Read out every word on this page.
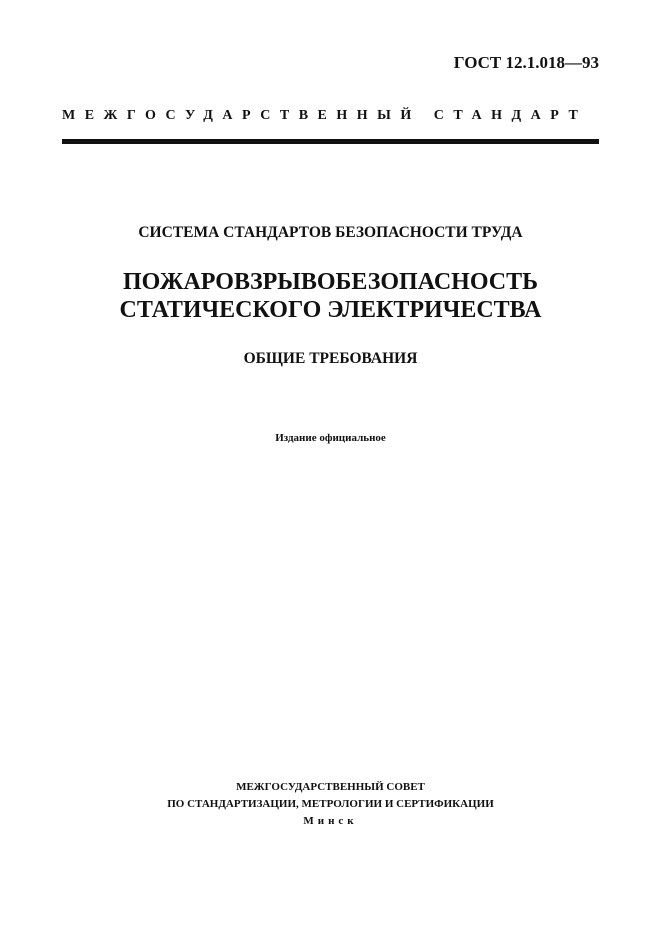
ГОСТ 12.1.018—93
МЕЖГОСУДАРСТВЕННЫЙ СТАНДАРТ
СИСТЕМА СТАНДАРТОВ БЕЗОПАСНОСТИ ТРУДА
ПОЖАРОВЗРЫВОБЕЗОПАСНОСТЬ
СТАТИЧЕСКОГО ЭЛЕКТРИЧЕСТВА
ОБЩИЕ ТРЕБОВАНИЯ
Издание официальное
МЕЖГОСУДАРСТВЕННЫЙ СОВЕТ
ПО СТАНДАРТИЗАЦИИ, МЕТРОЛОГИИ И СЕРТИФИКАЦИИ
Минск
